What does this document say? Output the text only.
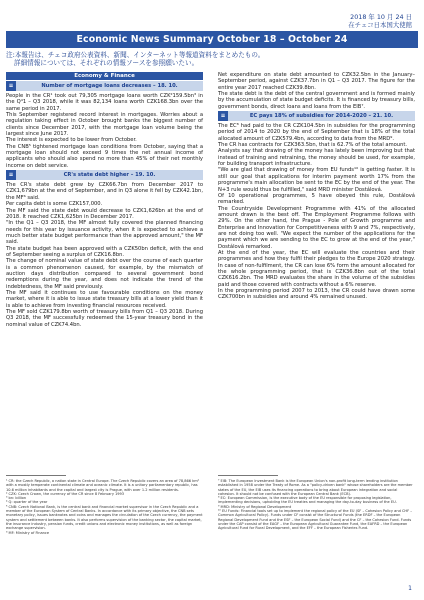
2018 年 10 月 24 日
在チェコ日本国大使館
Economic News Summary October 18 – October 24
注:本報告は、チェコ政府公表資料、新聞、インターネット等報道資料をまとめたもの。
詳細情報については、それぞれの情報ソースを参照願いたい。
Economy & Finance
≡	Number of mortgage loans decreases – 18. 10.

People in the CR¹ took out 79,305 mortgage loans worth CZK²159.5bn³ in the Q⁴1 – Q3 2018, while it was 82,134 loans worth CZK168.3bn over the same period in 2017.

This September registered record interest in mortgages. Worries about a regulation taking effect in October brought banks the biggest number of clients since December 2017, with the mortgage loan volume being the largest since June 2017.

The interest is expected to be lower from October.

The CNB⁵ tightened mortgage loan conditions from October, saying that a mortgage loan should not exceed 9 times the net annual income of applicants who should also spend no more than 45% of their net monthly income on debt service.

≡	CR's state debt higher – 19. 10.

The CR's state debt grew by CZK66.7bn from December 2017 to CZK1,679bn at the end of September, and in Q3 alone it fell by CZK42.1bn, the MF⁶ said.

Per capita debt is some CZK157,000.

The MF said the state debt would decrease to CZK1,626bn at the end of 2018. It reached CZK1,625bn in December 2017.

"In the Q1 – Q3 2018, the MF almost fully covered the planned financing needs for this year by issuance activity, when it is expected to achieve a much better state budget performance than the approved amount," the MF said.

The state budget has been approved with a CZK50bn deficit, with the end of September seeing a surplus of CZK16.8bn.

The change of nominal value of state debt over the course of each quarter is a common phenomenon caused, for example, by the mismatch of auction days distribution compared to several government bond redemptions during the year, and does not indicate the trend of the indebtedness, the MF said previously.

The MF said it continues to use favourable conditions on the money market, where it is able to issue state treasury bills at a lower yield than it is able to achieve from investing financial resources received.

The MF sold CZK179.8bn worth of treasury bills from Q1 – Q3 2018. During Q3 2018, the MF successfully redeemed the 15-year treasury bond in the nominal value of CZK74.4bn.

Net expenditure on state debt amounted to CZK32.5bn in the January–September period, against CZK37.7bn in Q1 – Q3 2017. The figure for the entire year 2017 reached CZK39.8bn.

The state debt is the debt of the central government and is formed mainly by the accumulation of state budget deficits. It is financed by treasury bills, government bonds, direct loans and loans from the EIB⁷.

≡	EC pays 18% of subsidies for 2014-2020 – 21. 10.

The EC⁸ had paid to the CR CZK104.5bn in subsidies for the programming period of 2014 to 2020 by the end of September that is 18% of the total allocated amount of CZK579.4bn, according to data from the MRD⁹.

The CR has contracts for CZK363.5bn, that is 62.7% of the total amount.

Analysts say that drawing of the money has lately been improving but that instead of training and retraining, the money should be used, for example, for building transport infrastructure.

"We are glad that drawing of money from EU funds¹⁰ is getting faster. It is still our goal that applications for interim payment worth 17% from the programme's main allocation be sent to the EC by the end of the year. The N+3 rule would thus be fulfilled," said MRD minister Dostálová.

Of 10 operational programmes, 5 have obeyed this rule, Dostálová remarked.

The Countryside Development Programme with 41% of the allocated amount drawn is the best off. The Employment Programme follows with 29%. On the other hand, the Prague - Pole of Growth programme and Enterprise and Innovation for Competitiveness with 9 and 7%, respectively, are not doing too well. "We expect the number of the applications for the payment which we are sending to the EC to grow at the end of the year," Dostálová remarked.

At the end of the year, the EC will evaluate the countries and their programmes and how they fulfil their pledges to the Europe 2020 strategy. In case of non-fulfilment, the CR can lose 6% form the amount allocated for the whole programming period, that is CZK36.8bn out of the total CZK616.2bn. The MRD evaluates the share in the volume of the subsidies paid and those covered with contracts without a 6% reserve.

In the programming period 2007 to 2013, the CR could have drawn some CZK700bn in subsidies and around 4% remained unused.

¹ CR: the Czech Republic, a nation state in Central Europe. The Czech Republic covers an area of 78,866 km² with a mostly temperate continental climate and oceanic climate. It is a unitary parliamentary republic, has 10.6 million inhabitants and the capital and largest city is Prague, with over 1.2 million residents.

² CZK: Czech Crown, the currency of the CR since 8 February 1993

³ bn: billion

⁴ Q: quarter of the year

⁵ CNB: Czech National Bank, is the central bank and financial market supervisor in the Czech Republic and a member of the European System of Central Banks. In accordance with its primary objective, the CNB sets monetary policy, issues banknotes and coins and manages the circulation of the Czech currency, the payment system and settlement between banks. It also performs supervision of the banking sector, the capital market, the insurance industry, pension funds, credit unions and electronic money institutions, as well as foreign exchange supervision.

⁶ MF: Ministry of Finance

⁷ EIB: The European Investment Bank is the European Union's non-profit long-term lending institution established in 1958 under the Treaty of Rome. As a "policy-driven bank" whose shareholders are the member states of the EU, the EIB uses its financing operations to bring about European integration and social cohesion. It should not be confused with the European Central Bank (ECB).

⁸ EC: European Commission, is the executive body of the EU responsible for proposing legislation, implementing decisions, upholding the EU treaties and managing the day-to-day business of the EU.

⁹ MRD: Ministry of Regional Development

¹⁰ EU Funds: Financial tools set up to implement the regional policy of the EU (SF – Cohesion Policy and CHF – Common Agricultural Policy). Funds under CF consist of the Structural Funds (the ERDF – the European Regional Development Fund and the ESF – the European Social Fund) and the CF – the Cohesion Fund. Funds under the CAP consist of the EAGF – the European Agricultural Guarantee Fund, the EAFRD – the European Agricultural Fund for Rural Development, and the EFF – the European Fisheries Fund.

1
